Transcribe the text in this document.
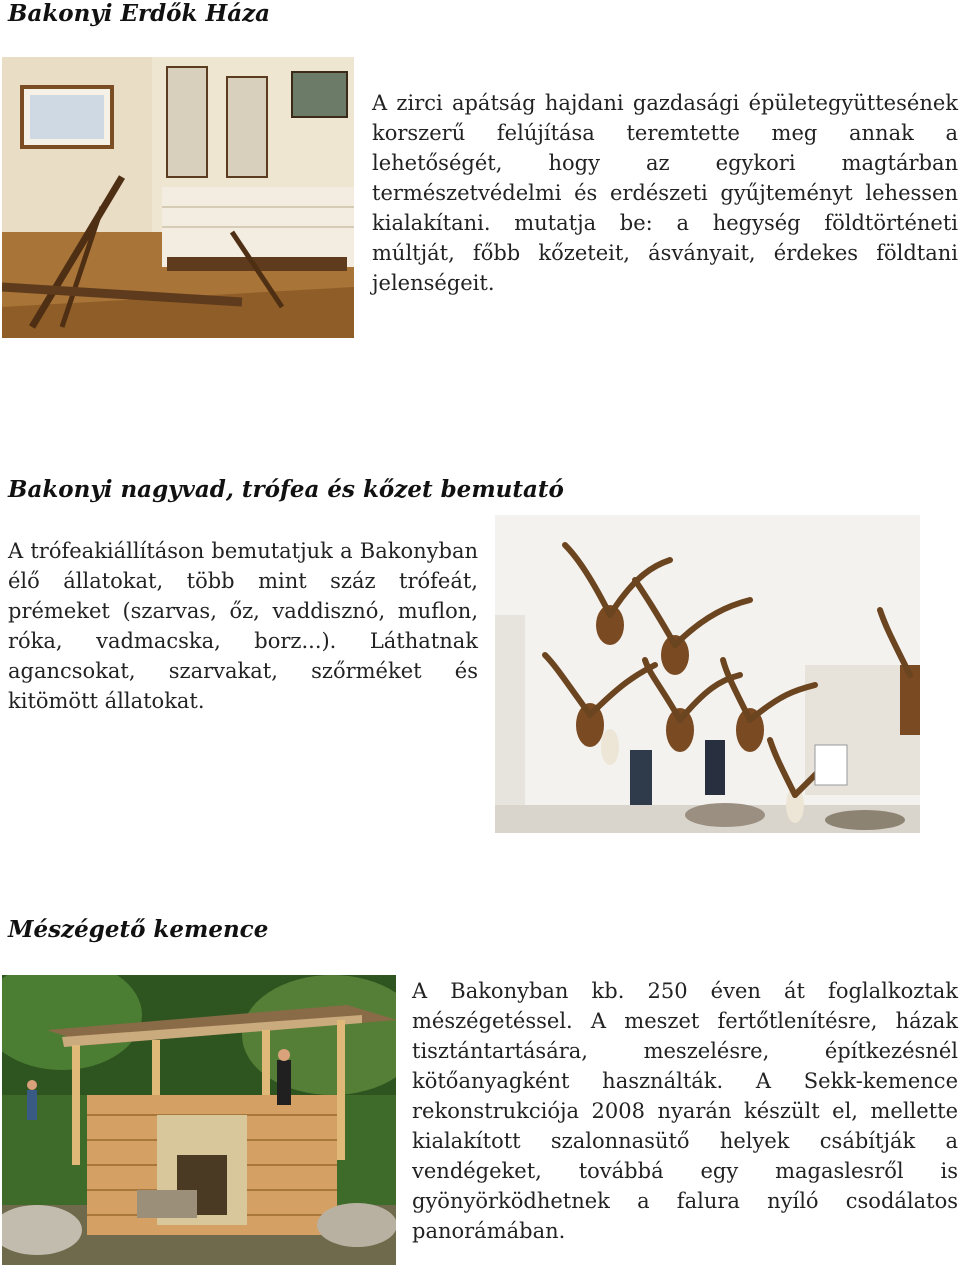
Bakonyi Erdők Háza

A zirci apátság hajdani gazdasági épületegyüttesének korszerű felújítása teremtette meg annak a lehetőségét, hogy az egykori magtárban természetvédelmi és erdészeti gyűjteményt lehessen kialakítani. mutatja be: a hegység földtörténeti múltját, főbb kőzeteit, ásványait, érdekes földtani jelenségeit.

Bakonyi nagyvad, trófea és kőzet bemutató

A trófeakiállításon bemutatjuk a Bakonyban élő állatokat, több mint száz trófeát, prémeket (szarvas, őz, vaddisznó, muflon, róka, vadmacska, borz...). Láthatnak agancsokat, szarvakat, szőrméket és kitömött állatokat.

Mészégető kemence

A Bakonyban kb. 250 éven át foglalkoztak mészégetéssel. A meszet fertőtlenítésre, házak tisztántartására, meszelésre, építkezésnél kötőanyagként használták. A Sekk-kemence rekonstrukciója 2008 nyarán készült el, mellette kialakított szalonnasütő helyek csábítják a vendégeket, továbbá egy magaslesről is gyönyörködhetnek a falura nyíló csodálatos panorámában.
